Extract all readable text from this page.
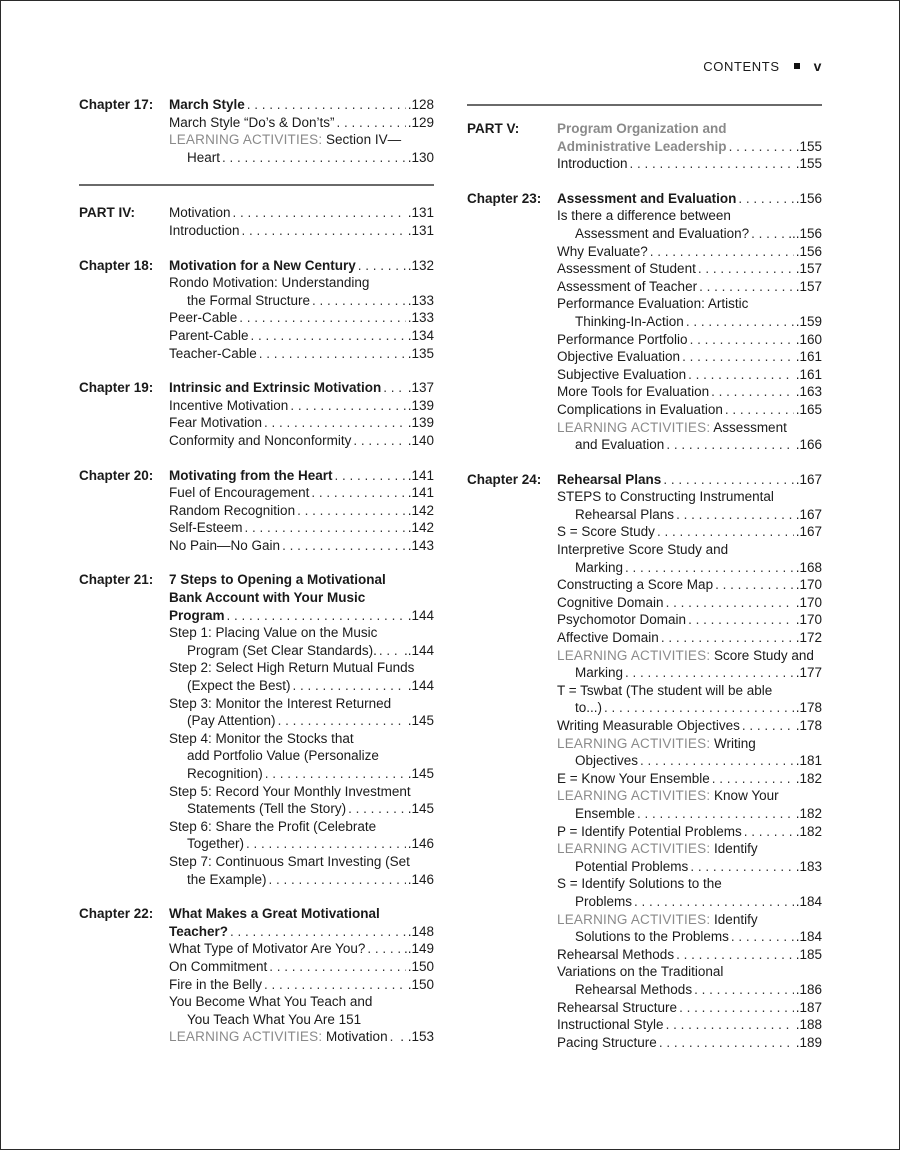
CONTENTS v
Chapter 17:	March Style . . .	.128
March Style “Do’s & Don’ts” . . .	.129
LEARNING ACTIVITIES: Section IV—
Heart . . .	.130
PART IV:	Motivation . . .	.131
Introduction . . .	.131
Chapter 18:	Motivation for a New Century . . .	.132
Rondo Motivation: Understanding
the Formal Structure . . .	.133
Peer-Cable . . .	.133
Parent-Cable . . .	.134
Teacher-Cable . . .	.135
Chapter 19:	Intrinsic and Extrinsic Motivation . . . .137
Incentive Motivation . . .	.139
Fear Motivation . . .	.139
Conformity and Nonconformity . . .	.140
Chapter 20:	Motivating from the Heart . . .	.141
Fuel of Encouragement . . .	.141
Random Recognition . . .	.142
Self-Esteem . . .	.142
No Pain—No Gain . . .	.143
Chapter 21:	7 Steps to Opening a Motivational
Bank Account with Your Music
Program . . .	.144
Step 1: Placing Value on the Music
Program (Set Clear Standards). . . . ..144
Step 2: Select High Return Mutual Funds
(Expect the Best) . . .	.144
Step 3: Monitor the Interest Returned
(Pay Attention) . . .	.145
Step 4: Monitor the Stocks that
add Portfolio Value (Personalize
Recognition) . . .	.145
Step 5: Record Your Monthly Investment
Statements (Tell the Story) . . .	.145
Step 6: Share the Profit (Celebrate
Together) . . .	.146
Step 7: Continuous Smart Investing (Set
the Example) . . .	.146
Chapter 22:	What Makes a Great Motivational
Teacher? . . .	.148
What Type of Motivator Are You? . . .	..149
On Commitment . . .	.150
Fire in the Belly . . .	.150
You Become What You Teach and
You Teach What You Are 151
LEARNING ACTIVITIES: Motivation . . . . .153
PART V:	Program Organization and
Administrative Leadership . . .	.155
Introduction . . .	.155
Chapter 23:	Assessment and Evaluation . . .	.156
Is there a difference between
Assessment and Evaluation? . . .	...156
Why Evaluate? . . .	.156
Assessment of Student . . .	.157
Assessment of Teacher . . .	.157
Performance Evaluation: Artistic
Thinking-In-Action . . .	.159
Performance Portfolio . . .	.160
Objective Evaluation . . .	.161
Subjective Evaluation . . .	.161
More Tools for Evaluation . . .	.163
Complications in Evaluation . . .	.165
LEARNING ACTIVITIES: Assessment
and Evaluation . . .	.166
Chapter 24:	Rehearsal Plans . . .	.167
STEPS to Constructing Instrumental
Rehearsal Plans . . .	.167
S = Score Study . . .	.167
Interpretive Score Study and
Marking . . .	.168
Constructing a Score Map . . .	.170
Cognitive Domain . . .	.170
Psychomotor Domain . . .	.170
Affective Domain . . .	.172
LEARNING ACTIVITIES: Score Study and
Marking . . .	.177
T = Tswbat (The student will be able
to...) . . .	.178
Writing Measurable Objectives . . .	.178
LEARNING ACTIVITIES: Writing
Objectives . . .	.181
E = Know Your Ensemble . . .	.182
LEARNING ACTIVITIES: Know Your
Ensemble . . .	.182
P = Identify Potential Problems . . .	.182
LEARNING ACTIVITIES: Identify
Potential Problems . . .	.183
S = Identify Solutions to the
Problems . . .	.184
LEARNING ACTIVITIES: Identify
Solutions to the Problems . . .	.184
Rehearsal Methods . . .	.185
Variations on the Traditional
Rehearsal Methods . . .	.186
Rehearsal Structure . . .	.187
Instructional Style . . .	.188
Pacing Structure . . .	.189
